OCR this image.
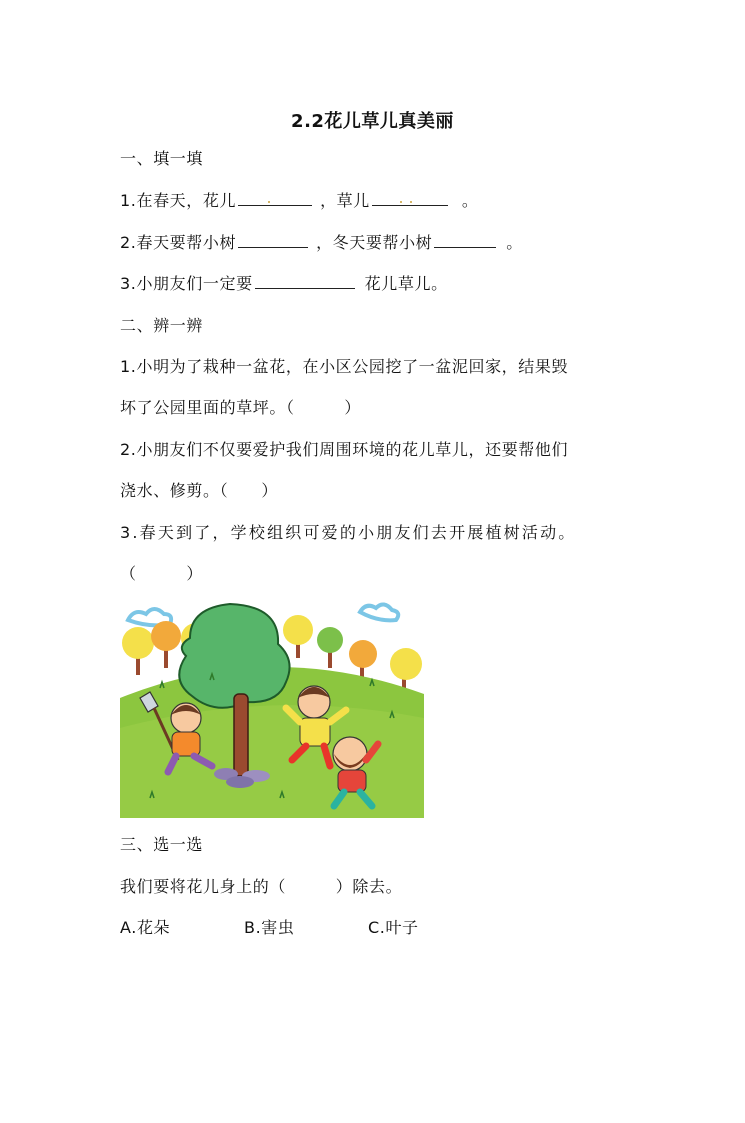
2.2花儿草儿真美丽
一、填一填
1.在春天，花儿	，草儿	。
2.春天要帮小树	，冬天要帮小树	。
3.小朋友们一定要	花儿草儿。
二、辨一辨
1.小明为了栽种一盆花，在小区公园挖了一盆泥回家，结果毁
坏了公园里面的草坪。（　　　）
2.小朋友们不仅要爱护我们周围环境的花儿草儿，还要帮他们
浇水、修剪。（　　）
3.春天到了，学校组织可爱的小朋友们去开展植树活动。
（　　　）
三、选一选
我们要将花儿身上的（　　　）除去。
A.花朵	B.害虫	C.叶子
